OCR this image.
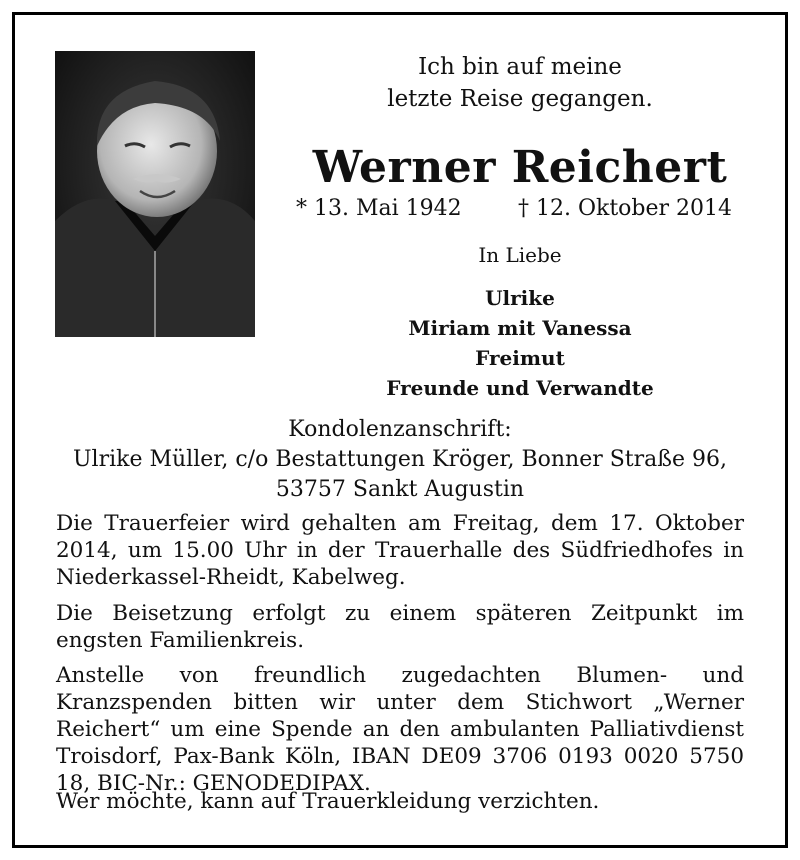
Ich bin auf meine
letzte Reise gegangen.
Werner Reichert
* 13. Mai 1942	† 12. Oktober 2014
In Liebe
Ulrike
Miriam mit Vanessa
Freimut
Freunde und Verwandte
Kondolenzanschrift:
Ulrike Müller, c/o Bestattungen Kröger, Bonner Straße 96,
53757 Sankt Augustin
Die Trauerfeier wird gehalten am Freitag, dem 17. Oktober 2014, um 15.00 Uhr in der Trauerhalle des Südfriedhofes in Niederkassel-Rheidt, Kabelweg.
Die Beisetzung erfolgt zu einem späteren Zeitpunkt im engsten Familienkreis.
Anstelle von freundlich zugedachten Blumen- und Kranzspenden bitten wir unter dem Stichwort „Werner Reichert“ um eine Spende an den ambulanten Palliativdienst Troisdorf, Pax-Bank Köln, IBAN DE09 3706 0193 0020 5750 18, BIC-Nr.: GENODEDIPAX.
Wer möchte, kann auf Trauerkleidung verzichten.
